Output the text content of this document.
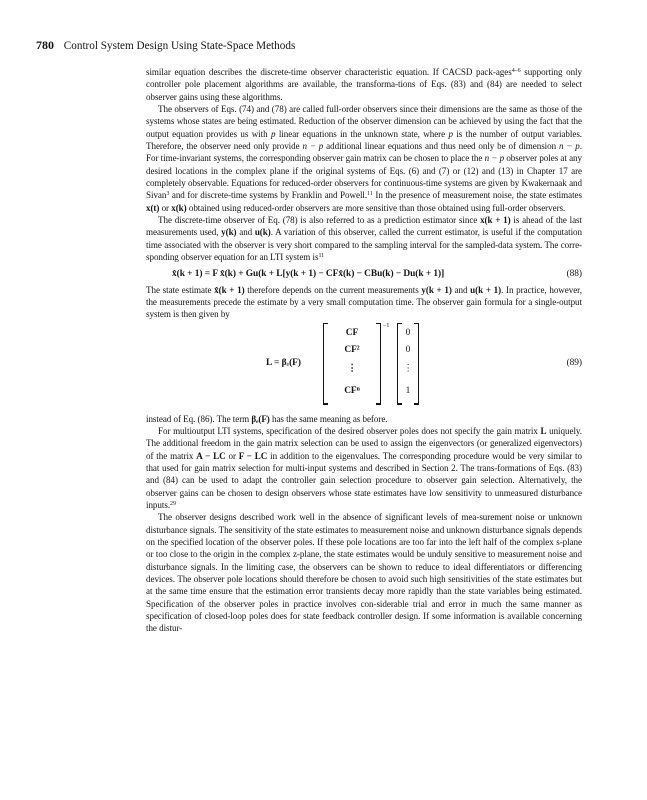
780 Control System Design Using State-Space Methods

similar equation describes the discrete-time observer characteristic equation. If CACSD pack-ages$^{4-6}$ supporting only controller pole placement algorithms are available, the transforma-tions of Eqs. (83) and (84) are needed to select observer gains using these algorithms.

The observers of Eqs. (74) and (78) are called full-order observers since their dimensions are the same as those of the systems whose states are being estimated. Reduction of the observer dimension can be achieved by using the fact that the output equation provides us with p linear equations in the unknown state, where p is the number of output variables. Therefore, the observer need only provide n − p additional linear equations and thus need only be of dimension n − p. For time-invariant systems, the corresponding observer gain matrix can be chosen to place the n − p observer poles at any desired locations in the complex plane if the original systems of Eqs. (6) and (7) or (12) and (13) in Chapter 17 are completely observable. Equations for reduced-order observers for continuous-time systems are given by Kwakernaak and Sivan$^3$ and for discrete-time systems by Franklin and Powell.$^{11}$ In the presence of measurement noise, the state estimates x(t) or x(k) obtained using reduced-order observers are more sensitive than those obtained using full-order observers.

The discrete-time observer of Eq. (78) is also referred to as a prediction estimator since x(k + 1) is ahead of the last measurements used, y(k) and u(k). A variation of this observer, called the current estimator, is useful if the computation time associated with the observer is very short compared to the sampling interval for the sampled-data system. The corre-sponding observer equation for an LTI system $is^{11}$

x̂(k + 1) = F x̂(k) + Gu(k + L[y(k + 1) − CFx̂(k) − CBu(k) − Du(k + 1)]	(88)

The state estimate x̂(k + 1) therefore depends on the current measurements y(k + 1) and u(k + 1). In practice, however, the measurements precede the estimate by a very small computation time. The observer gain formula for a single-output system is then given by

$L = \beta_e(F)$
CF
CF²
⋮
CFⁿ
−1
0
0
⋮
1
(89)

instead of Eq. (86). The term βₑ(F) has the same meaning as before.

For multioutput LTI systems, specification of the desired observer poles does not specify the gain matrix L uniquely. The additional freedom in the gain matrix selection can be used to assign the eigenvectors (or generalized eigenvectors) of the matrix A − LC or F − LC in addition to the eigenvalues. The corresponding procedure would be very similar to that used for gain matrix selection for multi-input systems and described in Section 2. The trans-formations of Eqs. (83) and (84) can be used to adapt the controller gain selection procedure to observer gain selection. Alternatively, the observer gains can be chosen to design observers whose state estimates have low sensitivity to unmeasured disturbance inputs.$^{29}$

The observer designs described work well in the absence of significant levels of mea-surement noise or unknown disturbance signals. The sensitivity of the state estimates to measurement noise and unknown disturbance signals depends on the specified location of the observer poles. If these pole locations are too far into the left half of the complex s-plane or too close to the origin in the complex z-plane, the state estimates would be unduly sensitive to measurement noise and disturbance signals. In the limiting case, the observers can be shown to reduce to ideal differentiators or differencing devices. The observer pole locations should therefore be chosen to avoid such high sensitivities of the state estimates but at the same time ensure that the estimation error transients decay more rapidly than the state variables being estimated. Specification of the observer poles in practice involves con-siderable trial and error in much the same manner as specification of closed-loop poles does for state feedback controller design. If some information is available concerning the distur-
